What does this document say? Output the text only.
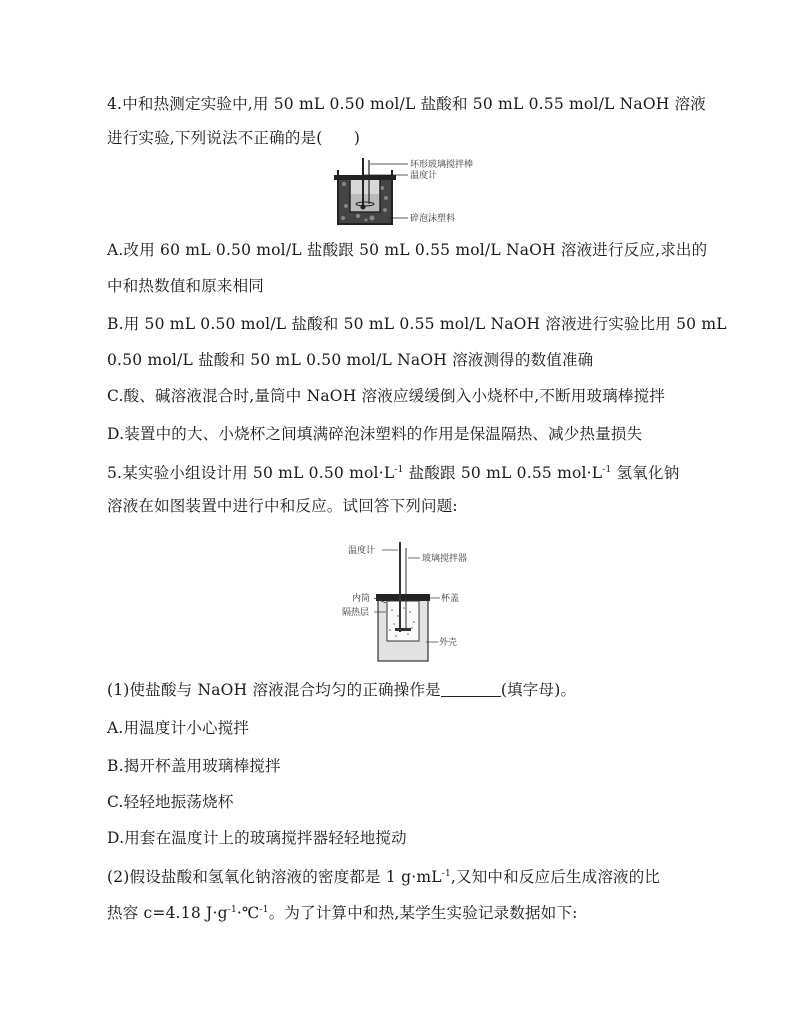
4.中和热测定实验中,用 50 mL 0.50 mol/L 盐酸和 50 mL 0.55 mol/L NaOH 溶液
进行实验,下列说法不正确的是(　　)
环形玻璃搅拌棒
温度计
碎泡沫塑料
A.改用 60 mL 0.50 mol/L 盐酸跟 50 mL 0.55 mol/L NaOH 溶液进行反应,求出的
中和热数值和原来相同
B.用 50 mL 0.50 mol/L 盐酸和 50 mL 0.55 mol/L NaOH 溶液进行实验比用 50 mL
0.50 mol/L 盐酸和 50 mL 0.50 mol/L NaOH 溶液测得的数值准确
C.酸、碱溶液混合时,量筒中 NaOH 溶液应缓缓倒入小烧杯中,不断用玻璃棒搅拌
D.装置中的大、小烧杯之间填满碎泡沫塑料的作用是保温隔热、减少热量损失
5.某实验小组设计用 50 mL 0.50 $mol\cdot L^{-1}$ 盐酸跟 50 mL 0.55 $mol\cdot L^{-1}$ 氢氧化钠
溶液在如图装置中进行中和反应。试回答下列问题:
温度计
玻璃搅拌器
杯盖
内筒
隔热层
外壳
(1)使盐酸与 NaOH 溶液混合均匀的正确操作是	(填字母)。
A.用温度计小心搅拌
B.揭开杯盖用玻璃棒搅拌
C.轻轻地振荡烧杯
D.用套在温度计上的玻璃搅拌器轻轻地搅动
(2)假设盐酸和氢氧化钠溶液的密度都是 1 $g\cdot mL^{-1}$,又知中和反应后生成溶液的比
热容 c=4.18 $J\cdot g^{-1}\cdot℃^{-1}$。为了计算中和热,某学生实验记录数据如下:
